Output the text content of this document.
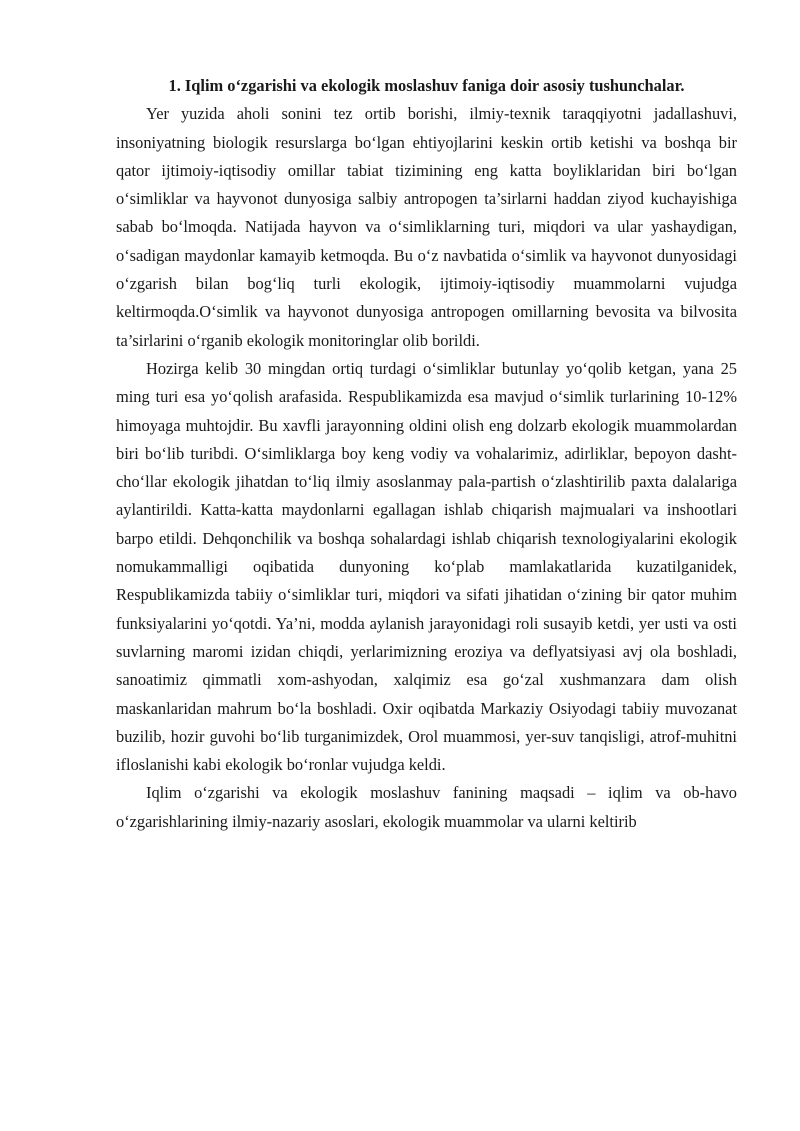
1. Iqlim o‘zgarishi va ekologik moslashuv faniga doir asosiy tushunchalar.

Yer yuzida aholi sonini tez ortib borishi, ilmiy-texnik taraqqiyotni jadallashuvi, insoniyatning biologik resurslarga bo‘lgan ehtiyojlarini keskin ortib ketishi va boshqa bir qator ijtimoiy-iqtisodiy omillar tabiat tizimining eng katta boyliklaridan biri bo‘lgan o‘simliklar va hayvonot dunyosiga salbiy antropogen ta’sirlarni haddan ziyod kuchayishiga sabab bo‘lmoqda. Natijada hayvon va o‘simliklarning turi, miqdori va ular yashaydigan, o‘sadigan maydonlar kamayib ketmoqda. Bu o‘z navbatida o‘simlik va hayvonot dunyosidagi o‘zgarish bilan bog‘liq turli ekologik, ijtimoiy-iqtisodiy muammolarni vujudga keltirmoqda.O‘simlik va hayvonot dunyosiga antropogen omillarning bevosita va bilvosita ta’sirlarini o‘rganib ekologik monitoringlar olib borildi.

Hozirga kelib 30 mingdan ortiq turdagi o‘simliklar butunlay yo‘qolib ketgan, yana 25 ming turi esa yo‘qolish arafasida. Respublikamizda esa mavjud o‘simlik turlarining 10-12% himoyaga muhtojdir. Bu xavfli jarayonning oldini olish eng dolzarb ekologik muammolardan biri bo‘lib turibdi. O‘simliklarga boy keng vodiy va vohalarimiz, adirliklar, bepoyon dasht-cho‘llar ekologik jihatdan to‘liq ilmiy asoslanmay pala-partish o‘zlashtirilib paxta dalalariga aylantirildi. Katta-katta maydonlarni egallagan ishlab chiqarish majmualari va inshootlari barpo etildi. Dehqonchilik va boshqa sohalardagi ishlab chiqarish texnologiyalarini ekologik nomukammalligi oqibatida dunyoning ko‘plab mamlakatlarida kuzatilganidek, Respublikamizda tabiiy o‘simliklar turi, miqdori va sifati jihatidan o‘zining bir qator muhim funksiyalarini yo‘qotdi. Ya’ni, modda aylanish jarayonidagi roli susayib ketdi, yer usti va osti suvlarning maromi izidan chiqdi, yerlarimizning eroziya va deflyatsiyasi avj ola boshladi, sanoatimiz qimmatli xom-ashyodan, xalqimiz esa go‘zal xushmanzara dam olish maskanlaridan mahrum bo‘la boshladi. Oxir oqibatda Markaziy Osiyodagi tabiiy muvozanat buzilib, hozir guvohi bo‘lib turganimizdek, Orol muammosi, yer-suv tanqisligi, atrof-muhitni ifloslanishi kabi ekologik bo‘ronlar vujudga keldi.

Iqlim o‘zgarishi va ekologik moslashuv fanining maqsadi – iqlim va ob-havo o‘zgarishlarining ilmiy-nazariy asoslari, ekologik muammolar va ularni keltirib
